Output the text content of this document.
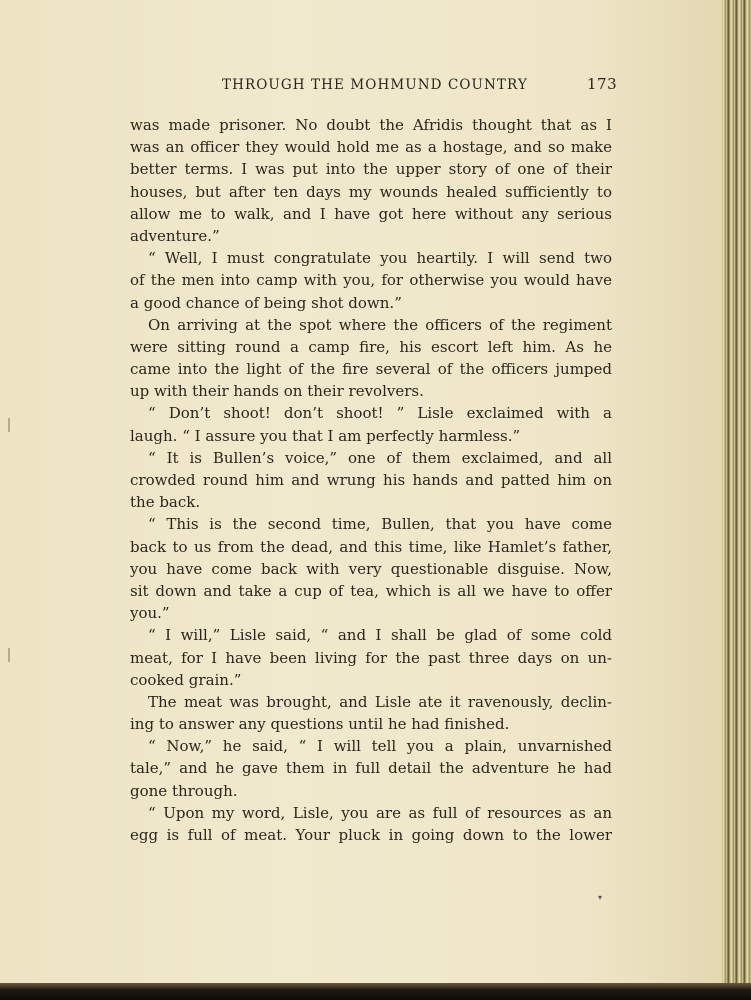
THROUGH THE MOHMUND COUNTRY	173
was made prisoner. No doubt the Afridis thought that as I
was an officer they would hold me as a hostage, and so make
better terms. I was put into the upper story of one of their
houses, but after ten days my wounds healed sufficiently to
allow me to walk, and I have got here without any serious
adventure.”
“ Well, I must congratulate you heartily. I will send two
of the men into camp with you, for otherwise you would have
a good chance of being shot down.”
On arriving at the spot where the officers of the regiment
were sitting round a camp fire, his escort left him. As he
came into the light of the fire several of the officers jumped
up with their hands on their revolvers.
“ Don’t shoot! don’t shoot! ” Lisle exclaimed with a
laugh. “ I assure you that I am perfectly harmless.”
“ It is Bullen’s voice,” one of them exclaimed, and all
crowded round him and wrung his hands and patted him on
the back.
“ This is the second time, Bullen, that you have come
back to us from the dead, and this time, like Hamlet’s father,
you have come back with very questionable disguise. Now,
sit down and take a cup of tea, which is all we have to offer
you.”
“ I will,” Lisle said, “ and I shall be glad of some cold
meat, for I have been living for the past three days on un-
cooked grain.”
The meat was brought, and Lisle ate it ravenously, declin-
ing to answer any questions until he had finished.
“ Now,” he said, “ I will tell you a plain, unvarnished
tale,” and he gave them in full detail the adventure he had
gone through.
“ Upon my word, Lisle, you are as full of resources as an
egg is full of meat. Your pluck in going down to the lower
▾
